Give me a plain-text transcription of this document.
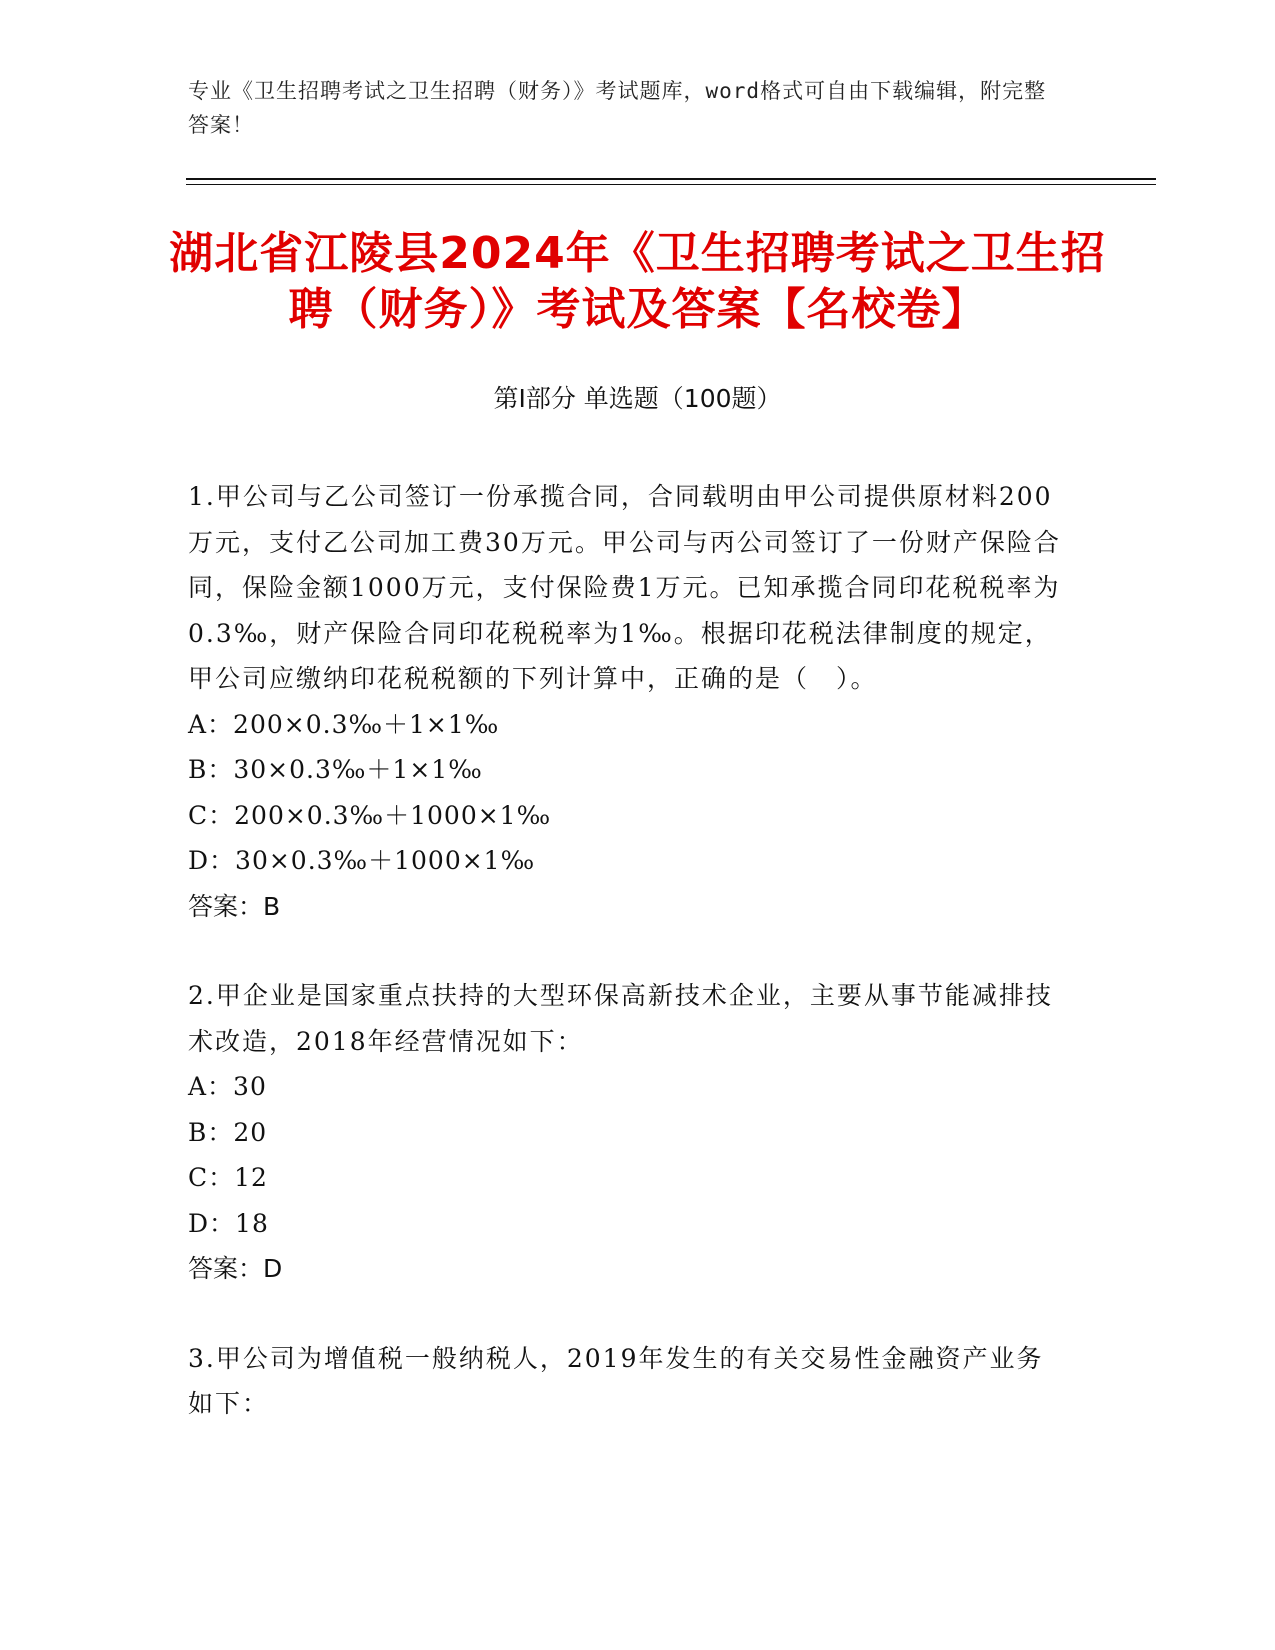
专业《卫生招聘考试之卫生招聘（财务）》考试题库，word格式可自由下载编辑，附完整答案！
湖北省江陵县2024年《卫生招聘考试之卫生招聘（财务）》考试及答案【名校卷】
第Ⅰ部分 单选题（100题）
1.甲公司与乙公司签订一份承揽合同，合同载明由甲公司提供原材料200万元，支付乙公司加工费30万元。甲公司与丙公司签订了一份财产保险合同，保险金额1000万元，支付保险费1万元。已知承揽合同印花税税率为0.3‰，财产保险合同印花税税率为1‰。根据印花税法律制度的规定，甲公司应缴纳印花税税额的下列计算中，正确的是（　）。
A：200×0.3‰＋1×1‰
B：30×0.3‰＋1×1‰
C：200×0.3‰＋1000×1‰
D：30×0.3‰＋1000×1‰
答案：B
2.甲企业是国家重点扶持的大型环保高新技术企业，主要从事节能减排技术改造，2018年经营情况如下：
A：30
B：20
C：12
D：18
答案：D
3.甲公司为增值税一般纳税人，2019年发生的有关交易性金融资产业务如下：
